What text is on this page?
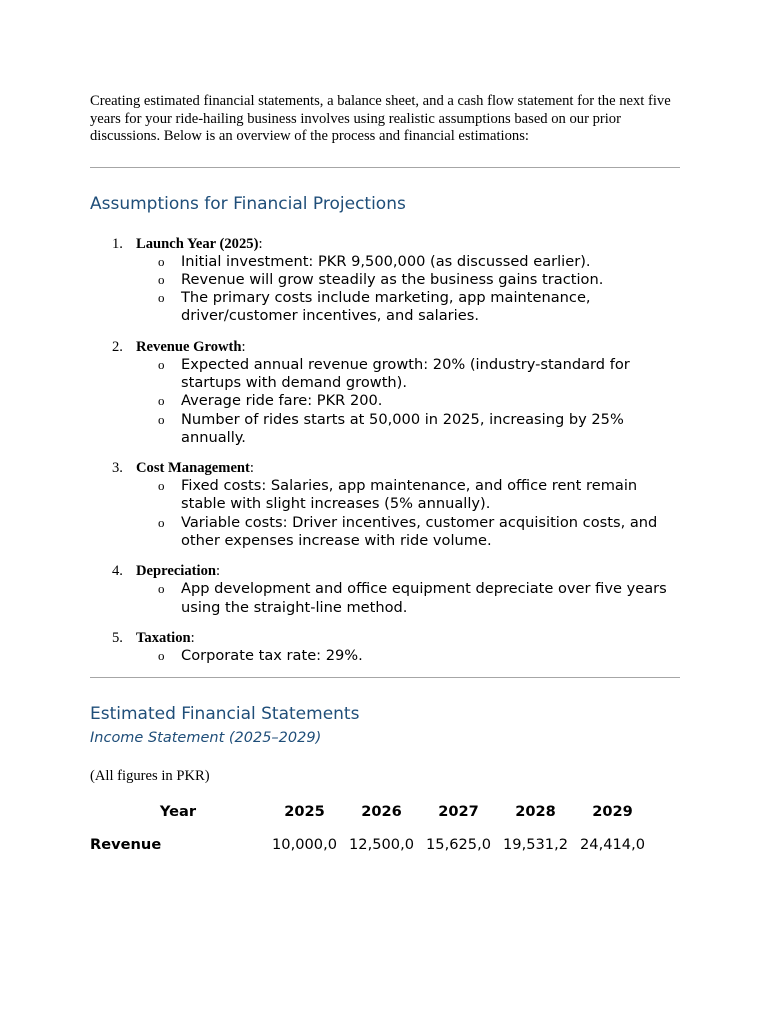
Creating estimated financial statements, a balance sheet, and a cash flow statement for the next five years for your ride-hailing business involves using realistic assumptions based on our prior discussions. Below is an overview of the process and financial estimations:

Assumptions for Financial Projections
1. Launch Year (2025):
o Initial investment: PKR 9,500,000 (as discussed earlier).
o Revenue will grow steadily as the business gains traction.
o The primary costs include marketing, app maintenance, driver/customer incentives, and salaries.
2. Revenue Growth:
o Expected annual revenue growth: 20% (industry-standard for startups with demand growth).
o Average ride fare: PKR 200.
o Number of rides starts at 50,000 in 2025, increasing by 25% annually.
3. Cost Management:
o Fixed costs: Salaries, app maintenance, and office rent remain stable with slight increases (5% annually).
o Variable costs: Driver incentives, customer acquisition costs, and other expenses increase with ride volume.
4. Depreciation:
o App development and office equipment depreciate over five years using the straight-line method.
5. Taxation:
o Corporate tax rate: 29%.
Estimated Financial Statements
Income Statement (2025–2029)

(All figures in PKR)

Year	2025	2026	2027	2028	2029
Revenue	10,000,0	12,500,0	15,625,0	19,531,2	24,414,0
